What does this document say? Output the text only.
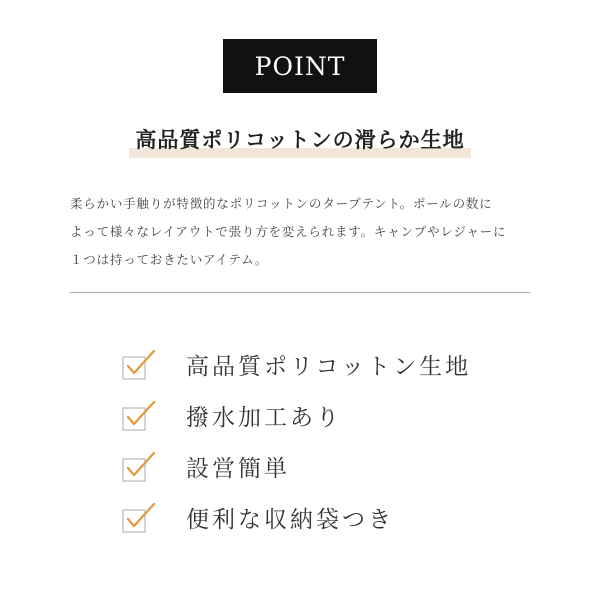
POINT
高品質ポリコットンの滑らか生地
柔らかい手触りが特徴的なポリコットンのタープテント。ポールの数に
よって様々なレイアウトで張り方を変えられます。キャンプやレジャーに
１つは持っておきたいアイテム。
高品質ポリコットン生地
撥水加工あり
設営簡単
便利な収納袋つき
